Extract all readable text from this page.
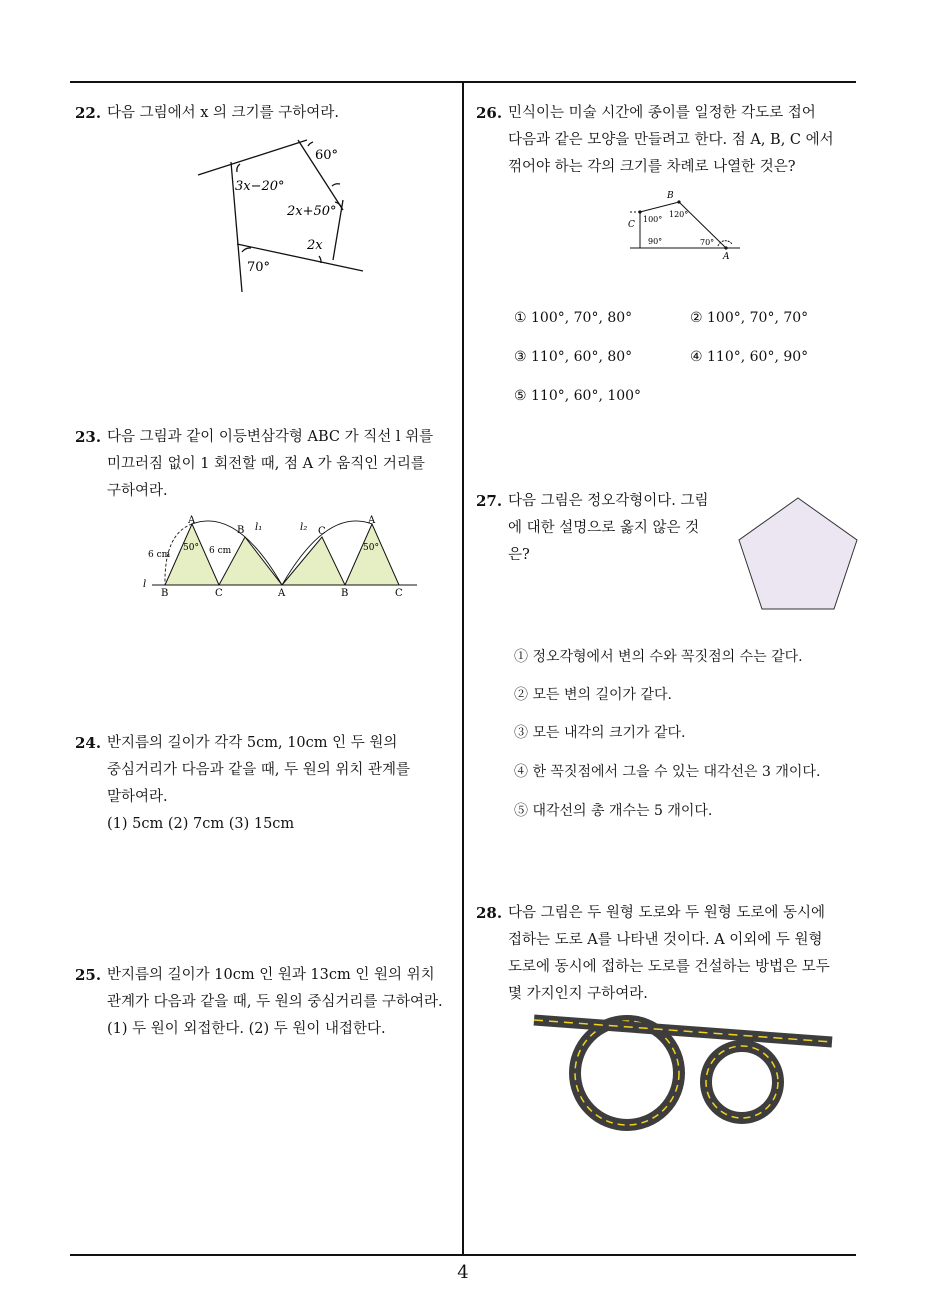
22. 다음 그림에서 x 의 크기를 구하여라.
60°
3x−20°
2x+50°
2x
70°
23. 다음 그림과 같이 이등변삼각형 ABC 가 직선 l 위를
미끄러짐 없이 1 회전할 때, 점 A 가 움직인 거리를
구하여라.
A
B l₁	l₂ C
A
B	C	A	B	C
6 cm	6 cm
50°	50°
l
24. 반지름의 길이가 각각 5cm, 10cm 인 두 원의
중심거리가 다음과 같을 때, 두 원의 위치 관계를
말하여라.
(1) 5cm (2) 7cm (3) 15cm
25. 반지름의 길이가 10cm 인 원과 13cm 인 원의 위치
관계가 다음과 같을 때, 두 원의 중심거리를 구하여라.
(1) 두 원이 외접한다. (2) 두 원이 내접한다.
26. 민식이는 미술 시간에 종이를 일정한 각도로 접어
다음과 같은 모양을 만들려고 한다. 점 A, B, C 에서
꺾어야 하는 각의 크기를 차례로 나열한 것은?
B
C
A
100°
120°
90°	70°
① 100°, 70°, 80°	② 100°, 70°, 70°
③ 110°, 60°, 80°	④ 110°, 60°, 90°
⑤ 110°, 60°, 100°
27. 다음 그림은 정오각형이다. 그림
에 대한 설명으로 옳지 않은 것
은?
① 정오각형에서 변의 수와 꼭짓점의 수는 같다.
② 모든 변의 길이가 같다.
③ 모든 내각의 크기가 같다.
④ 한 꼭짓점에서 그을 수 있는 대각선은 3 개이다.
⑤ 대각선의 총 개수는 5 개이다.
28. 다음 그림은 두 원형 도로와 두 원형 도로에 동시에
접하는 도로 A를 나타낸 것이다. A 이외에 두 원형
도로에 동시에 접하는 도로를 건설하는 방법은 모두
몇 가지인지 구하여라.
4
